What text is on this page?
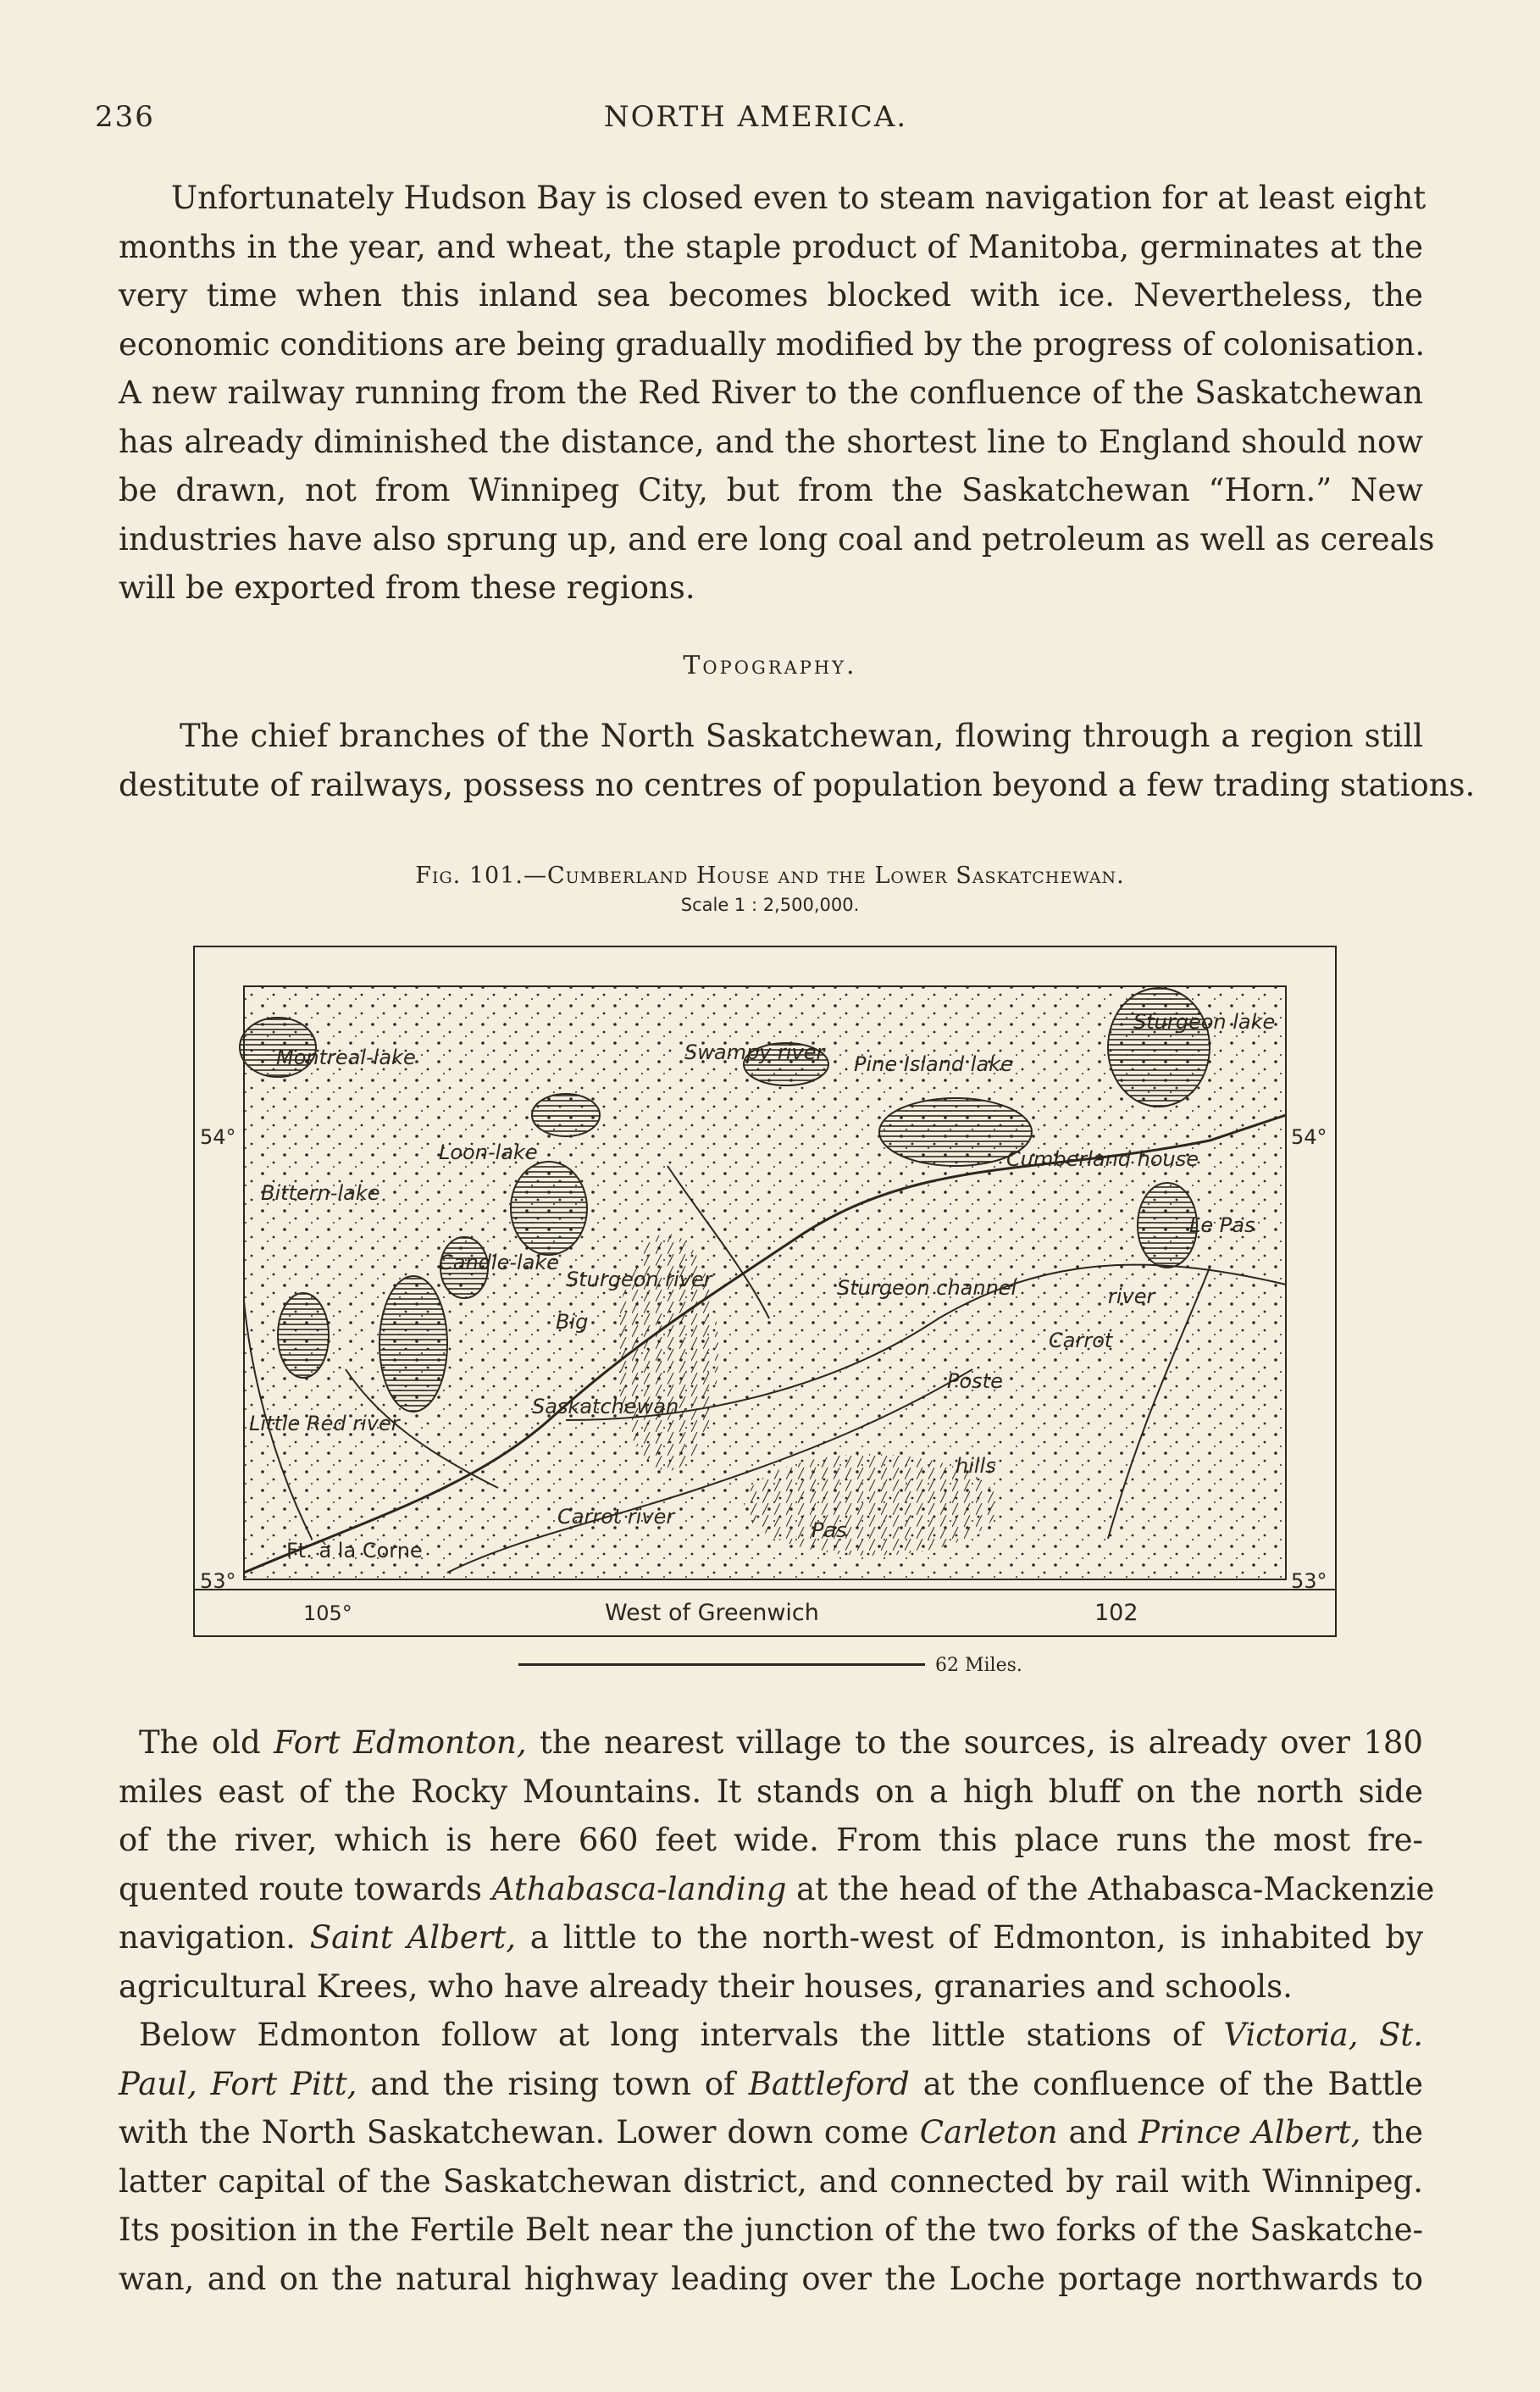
236	NORTH AMERICA.
Unfortunately Hudson Bay is closed even to steam navigation for at least eight
months in the year, and wheat, the staple product of Manitoba, germinates at the
very time when this inland sea becomes blocked with ice. Nevertheless, the
economic conditions are being gradually modified by the progress of colonisation.
A new railway running from the Red River to the confluence of the Saskatchewan
has already diminished the distance, and the shortest line to England should now
be drawn, not from Winnipeg City, but from the Saskatchewan “Horn.” New
industries have also sprung up, and ere long coal and petroleum as well as cereals
will be exported from these regions.
Topography.
The chief branches of the North Saskatchewan, flowing through a region still
destitute of railways, possess no centres of population beyond a few trading stations.
Fig. 101.—Cumberland House and the Lower Saskatchewan.
Scale 1 : 2,500,000.
Montreal-lake
Loon-lake
Bittern-lake
Candle-lake
Swampy river Pine Island lake
Sturgeon lake
Cumberland house
Le Pas
Sturgeon river
Big
Saskatchewan
Sturgeon channel
Carrot
river
Poste
hills
Little Red river
Carrot river
Ft. à la Corne
Pas
54°	54°
53°	53°
105°	West of Greenwich	102
62 Miles.
The old Fort Edmonton, the nearest village to the sources, is already over 180
miles east of the Rocky Mountains. It stands on a high bluff on the north side
of the river, which is here 660 feet wide. From this place runs the most fre-
quented route towards Athabasca-landing at the head of the Athabasca-Mackenzie
navigation. Saint Albert, a little to the north-west of Edmonton, is inhabited by
agricultural Krees, who have already their houses, granaries and schools.
Below Edmonton follow at long intervals the little stations of Victoria, St.
Paul, Fort Pitt, and the rising town of Battleford at the confluence of the Battle
with the North Saskatchewan. Lower down come Carleton and Prince Albert, the
latter capital of the Saskatchewan district, and connected by rail with Winnipeg.
Its position in the Fertile Belt near the junction of the two forks of the Saskatche-
wan, and on the natural highway leading over the Loche portage northwards to
